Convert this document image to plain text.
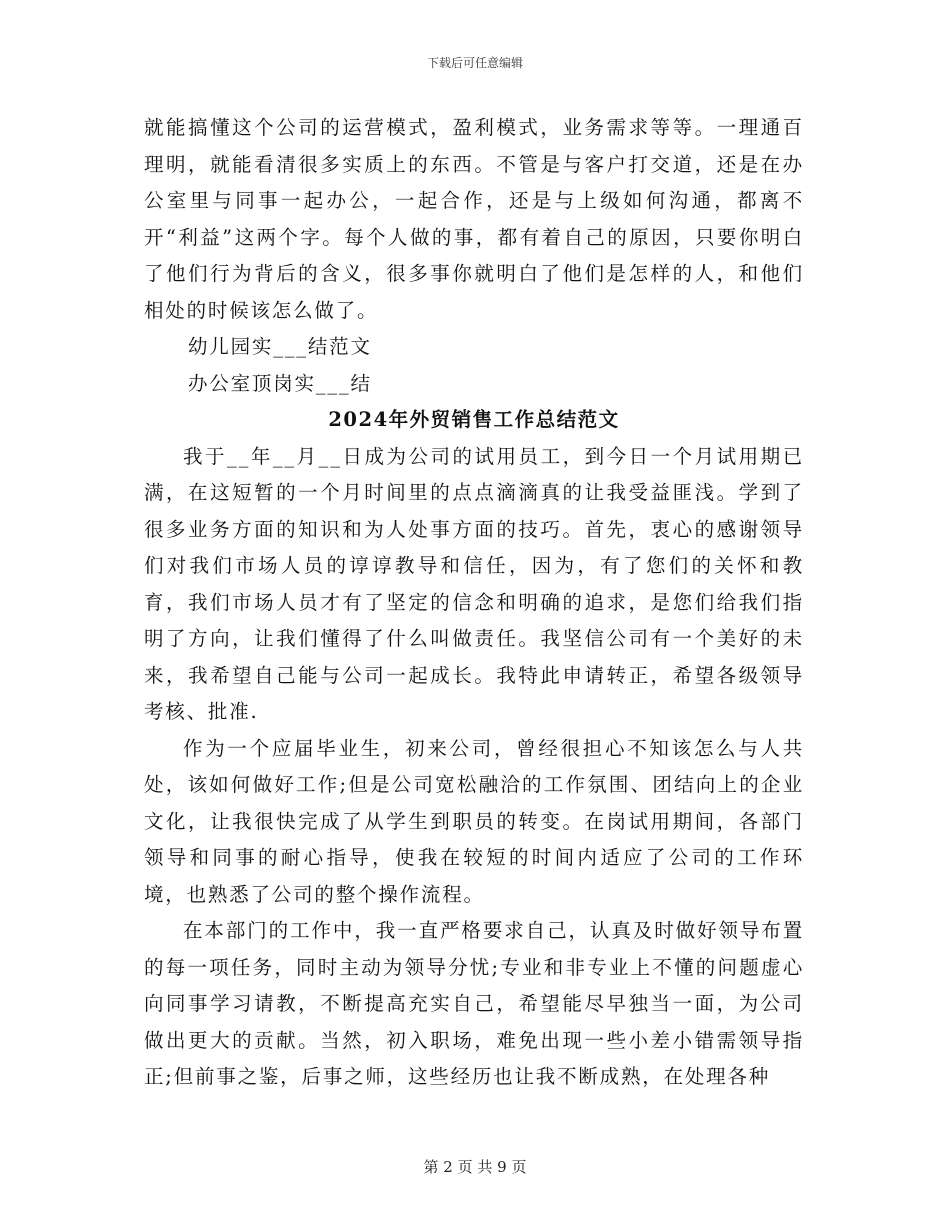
下载后可任意编辑

就能搞懂这个公司的运营模式，盈利模式，业务需求等等。一理通百理明，就能看清很多实质上的东西。不管是与客户打交道，还是在办公室里与同事一起办公，一起合作，还是与上级如何沟通，都离不开“利益”这两个字。每个人做的事，都有着自己的原因，只要你明白了他们行为背后的含义，很多事你就明白了他们是怎样的人，和他们相处的时候该怎么做了。

幼儿园实___结范文

办公室顶岗实___结

2024年外贸销售工作总结范文

我于__年__月__日成为公司的试用员工，到今日一个月试用期已满，在这短暂的一个月时间里的点点滴滴真的让我受益匪浅。学到了很多业务方面的知识和为人处事方面的技巧。首先，衷心的感谢领导们对我们市场人员的谆谆教导和信任，因为，有了您们的关怀和教育，我们市场人员才有了坚定的信念和明确的追求，是您们给我们指明了方向，让我们懂得了什么叫做责任。我坚信公司有一个美好的未来，我希望自己能与公司一起成长。我特此申请转正，希望各级领导考核、批准.

作为一个应届毕业生，初来公司，曾经很担心不知该怎么与人共处，该如何做好工作;但是公司宽松融洽的工作氛围、团结向上的企业文化，让我很快完成了从学生到职员的转变。在岗试用期间，各部门领导和同事的耐心指导，使我在较短的时间内适应了公司的工作环境，也熟悉了公司的整个操作流程。

在本部门的工作中，我一直严格要求自己，认真及时做好领导布置的每一项任务，同时主动为领导分忧;专业和非专业上不懂的问题虚心向同事学习请教，不断提高充实自己，希望能尽早独当一面，为公司做出更大的贡献。当然，初入职场，难免出现一些小差小错需领导指正;但前事之鉴，后事之师，这些经历也让我不断成熟，在处理各种

第 2 页 共 9 页
